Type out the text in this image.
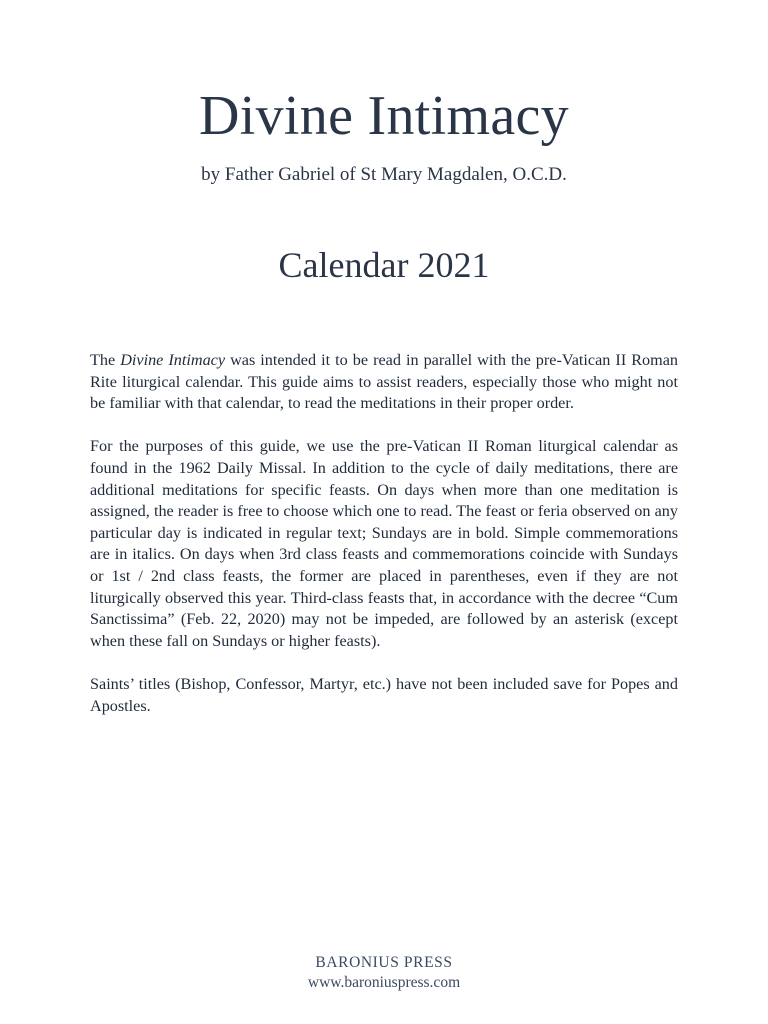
Divine Intimacy
by Father Gabriel of St Mary Magdalen, O.C.D.
Calendar 2021

The Divine Intimacy was intended it to be read in parallel with the pre-Vatican II Roman Rite liturgical calendar. This guide aims to assist readers, especially those who might not be familiar with that calendar, to read the meditations in their proper order.

For the purposes of this guide, we use the pre-Vatican II Roman liturgical calendar as found in the 1962 Daily Missal. In addition to the cycle of daily meditations, there are additional meditations for specific feasts. On days when more than one meditation is assigned, the reader is free to choose which one to read. The feast or feria observed on any particular day is indicated in regular text; Sundays are in bold. Simple commemorations are in italics. On days when 3rd class feasts and commemorations coincide with Sundays or 1st / 2nd class feasts, the former are placed in parentheses, even if they are not liturgically observed this year. Third-class feasts that, in accordance with the decree “Cum Sanctissima” (Feb. 22, 2020) may not be impeded, are followed by an asterisk (except when these fall on Sundays or higher feasts).

Saints’ titles (Bishop, Confessor, Martyr, etc.) have not been included save for Popes and Apostles.

BARONIUS PRESS
www.baroniuspress.com
